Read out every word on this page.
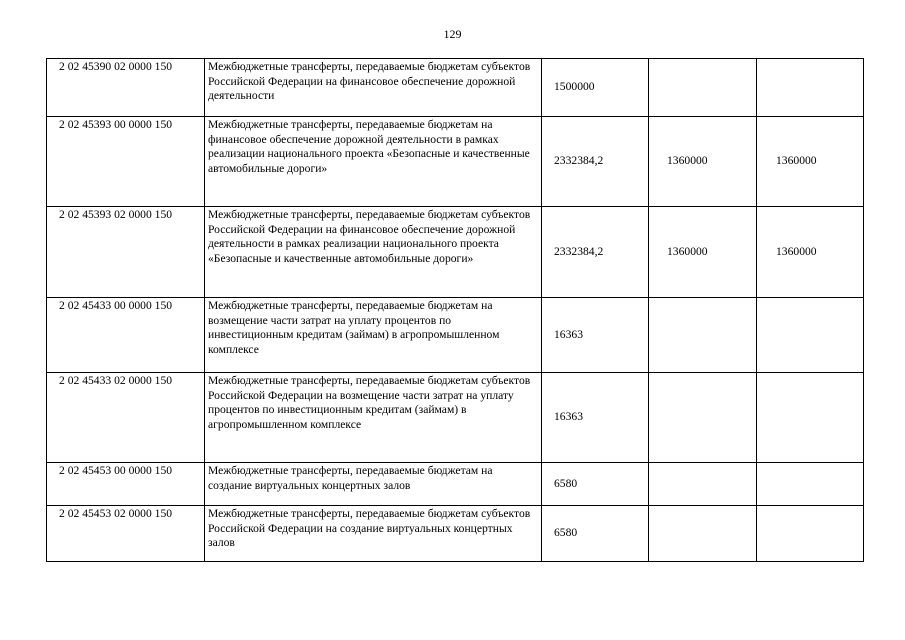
129
2 02 45390 02 0000 150	Межбюджетные трансферты, передаваемые бюджетам субъектов Российской Федерации на финансовое обеспечение дорожной деятельности	1500000		
2 02 45393 00 0000 150	Межбюджетные трансферты, передаваемые бюджетам на финансовое обеспечение дорожной деятельности в рамках реализации национального проекта «Безопасные и качественные автомобильные дороги»	2332384,2	1360000	1360000
2 02 45393 02 0000 150	Межбюджетные трансферты, передаваемые бюджетам субъектов Российской Федерации на финансовое обеспечение дорожной деятельности в рамках реализации национального проекта «Безопасные и качественные автомобильные дороги»	2332384,2	1360000	1360000
2 02 45433 00 0000 150	Межбюджетные трансферты, передаваемые бюджетам на возмещение части затрат на уплату процентов по инвестиционным кредитам (займам) в агропромышленном комплексе	16363		
2 02 45433 02 0000 150	Межбюджетные трансферты, передаваемые бюджетам субъектов Российской Федерации на возмещение части затрат на уплату процентов по инвестиционным кредитам (займам) в агропромышленном комплексе	16363		
2 02 45453 00 0000 150	Межбюджетные трансферты, передаваемые бюджетам на создание виртуальных концертных залов	6580		
2 02 45453 02 0000 150	Межбюджетные трансферты, передаваемые бюджетам субъектов Российской Федерации на создание виртуальных концертных залов	6580		
